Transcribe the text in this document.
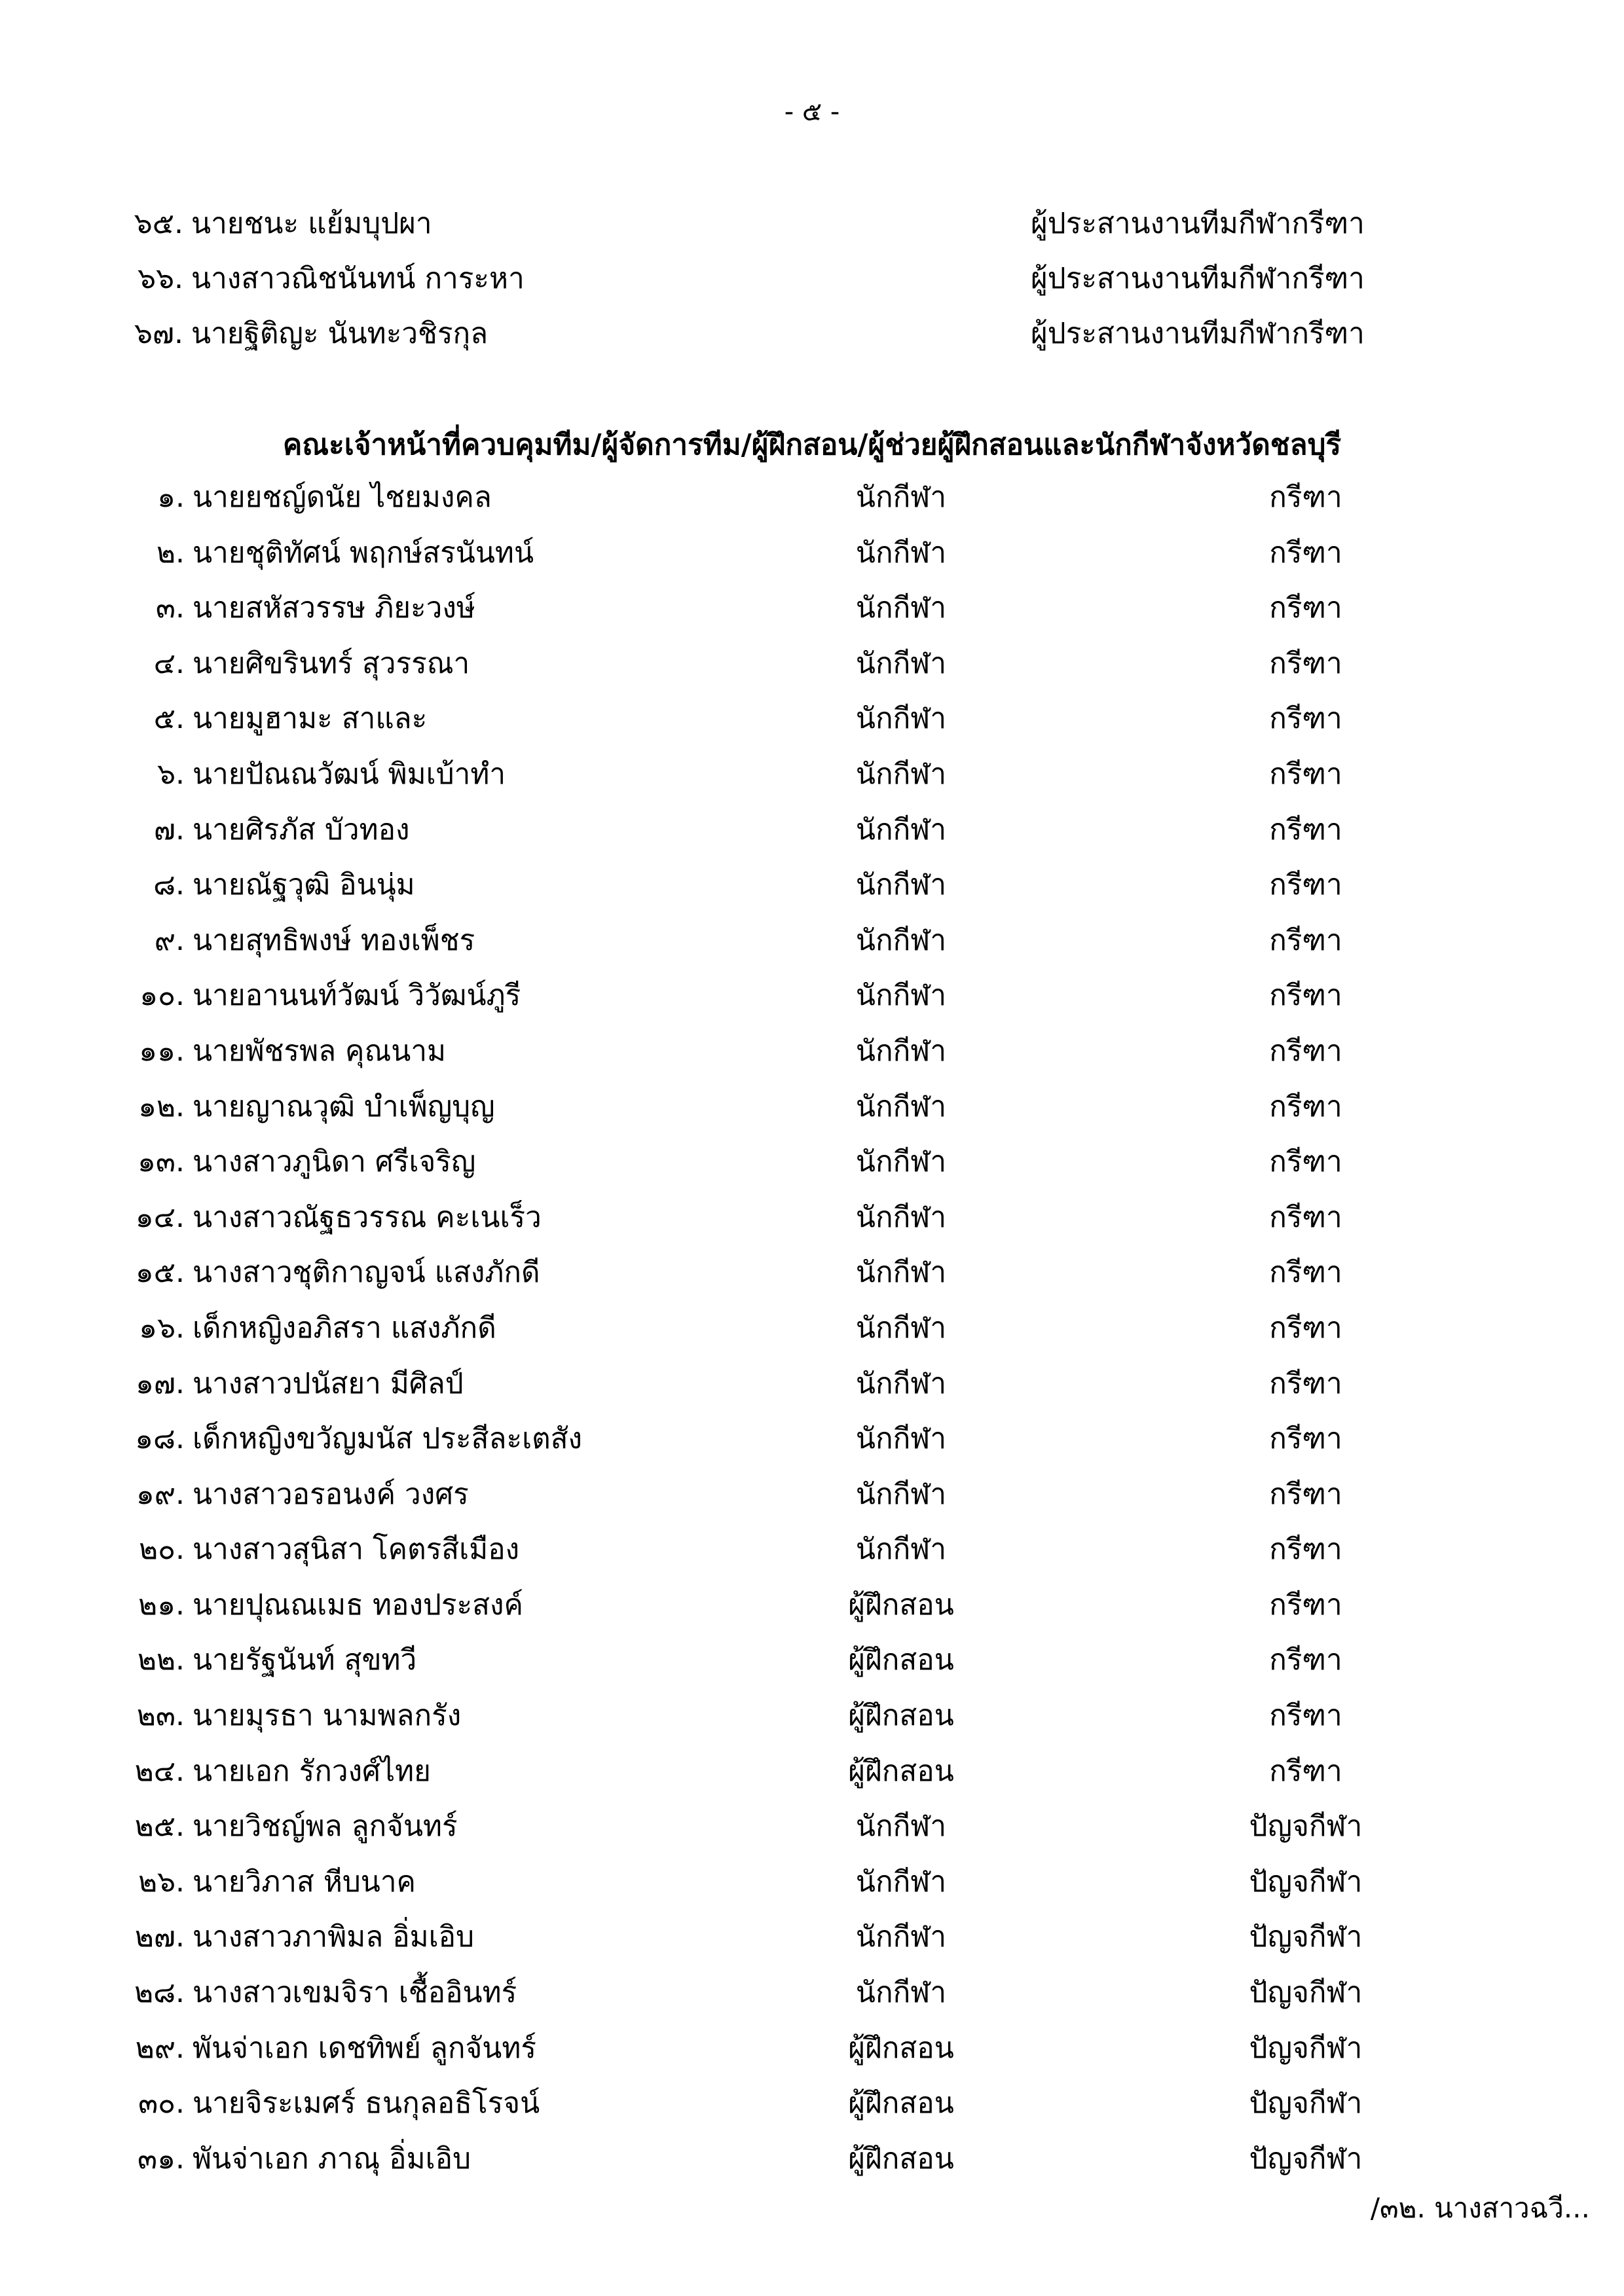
- ๕ -
๖๕. นายชนะ แย้มบุปผา	ผู้ประสานงานทีมกีฬากรีฑา
๖๖. นางสาวณิชนันทน์ การะหา	ผู้ประสานงานทีมกีฬากรีฑา
๖๗. นายฐิติญะ นันทะวชิรกุล	ผู้ประสานงานทีมกีฬากรีฑา
คณะเจ้าหน้าที่ควบคุมทีม/ผู้จัดการทีม/ผู้ฝึกสอน/ผู้ช่วยผู้ฝึกสอนและนักกีฬาจังหวัดชลบุรี
๑. นายยชญ์ดนัย ไชยมงคล	นักกีฬา	กรีฑา
๒. นายชุติทัศน์ พฤกษ์สรนันทน์	นักกีฬา	กรีฑา
๓. นายสหัสวรรษ ภิยะวงษ์	นักกีฬา	กรีฑา
๔. นายศิขรินทร์ สุวรรณา	นักกีฬา	กรีฑา
๕. นายมูฮามะ สาและ	นักกีฬา	กรีฑา
๖. นายปัณณวัฒน์ พิมเบ้าทำ	นักกีฬา	กรีฑา
๗. นายศิรภัส บัวทอง	นักกีฬา	กรีฑา
๘. นายณัฐวุฒิ อินนุ่ม	นักกีฬา	กรีฑา
๙. นายสุทธิพงษ์ ทองเพ็ชร	นักกีฬา	กรีฑา
๑๐. นายอานนท์วัฒน์ วิวัฒน์ภูรี	นักกีฬา	กรีฑา
๑๑. นายพัชรพล คุณนาม	นักกีฬา	กรีฑา
๑๒. นายญาณวุฒิ บำเพ็ญบุญ	นักกีฬา	กรีฑา
๑๓. นางสาวภูนิดา ศรีเจริญ	นักกีฬา	กรีฑา
๑๔. นางสาวณัฐธวรรณ คะเนเร็ว	นักกีฬา	กรีฑา
๑๕. นางสาวชุติกาญจน์ แสงภักดี	นักกีฬา	กรีฑา
๑๖. เด็กหญิงอภิสรา แสงภักดี	นักกีฬา	กรีฑา
๑๗. นางสาวปนัสยา มีศิลป์	นักกีฬา	กรีฑา
๑๘. เด็กหญิงขวัญมนัส ประสีละเตสัง	นักกีฬา	กรีฑา
๑๙. นางสาวอรอนงค์ วงศร	นักกีฬา	กรีฑา
๒๐. นางสาวสุนิสา โคตรสีเมือง	นักกีฬา	กรีฑา
๒๑. นายปุณณเมธ ทองประสงค์	ผู้ฝึกสอน	กรีฑา
๒๒. นายรัฐนันท์ สุขทวี	ผู้ฝึกสอน	กรีฑา
๒๓. นายมุรธา นามพลกรัง	ผู้ฝึกสอน	กรีฑา
๒๔. นายเอก รักวงศ์ไทย	ผู้ฝึกสอน	กรีฑา
๒๕. นายวิชญ์พล ลูกจันทร์	นักกีฬา	ปัญจกีฬา
๒๖. นายวิภาส หีบนาค	นักกีฬา	ปัญจกีฬา
๒๗. นางสาวภาพิมล อิ่มเอิบ	นักกีฬา	ปัญจกีฬา
๒๘. นางสาวเขมจิรา เชื้ออินทร์	นักกีฬา	ปัญจกีฬา
๒๙. พันจ่าเอก เดชทิพย์ ลูกจันทร์	ผู้ฝึกสอน	ปัญจกีฬา
๓๐. นายจิระเมศร์ ธนกุลอธิโรจน์	ผู้ฝึกสอน	ปัญจกีฬา
๓๑. พันจ่าเอก ภาณุ อิ่มเอิบ	ผู้ฝึกสอน	ปัญจกีฬา
/๓๒. นางสาวฉวี...
